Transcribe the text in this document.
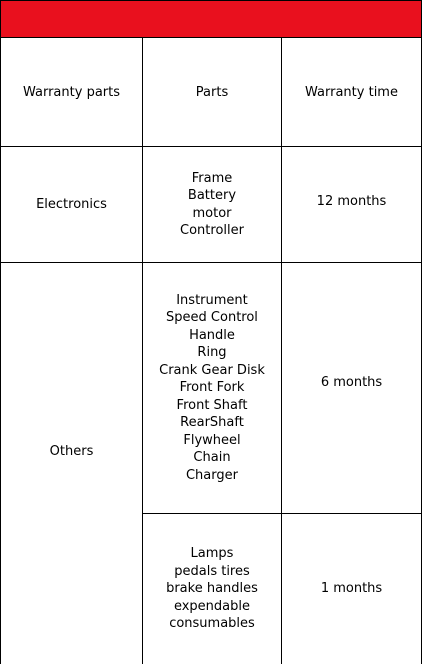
Warranty parts	Parts	Warranty time
Electronics
Frame
Battery
motor
Controller
12 months
Others
Instrument
Speed Control
Handle
Ring
Crank Gear Disk
Front Fork
Front Shaft
RearShaft
Flywheel
Chain
Charger
6 months
Lamps
pedals tires
brake handles
expendable
consumables
1 months
